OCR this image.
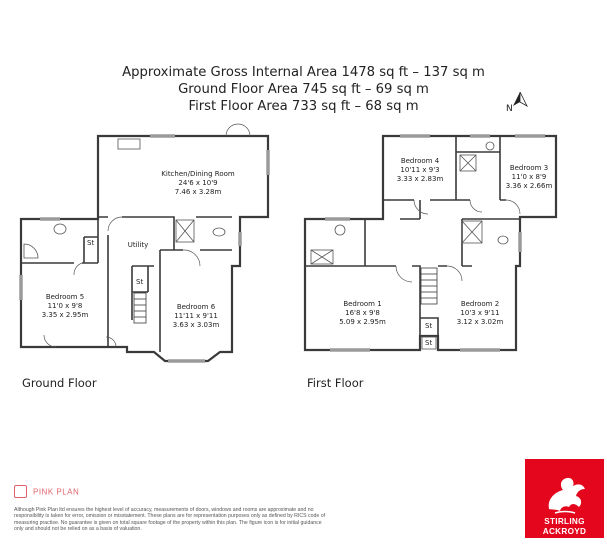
Approximate Gross Internal Area 1478 sq ft – 137 sq m
Ground Floor Area 745 sq ft – 69 sq m
First Floor Area 733 sq ft – 68 sq m
Kitchen/Dining Room
24'6 x 10'9
7.46 x 3.28m
Utility
Bedroom 5
11'0 x 9'8
3.35 x 2.95m
Bedroom 6
11'11 x 9'11
3.63 x 3.03m
St
St
Bedroom 1
16'8 x 9'8
5.09 x 2.95m
Bedroom 2
10'3 x 9'11
3.12 x 3.02m
Bedroom 3
11'0 x 8'9
3.36 x 2.66m
Bedroom 4
10'11 x 9'3
3.33 x 2.83m
St
St
Ground Floor	First Floor
N
PINK PLAN
Although Pink Plan ltd ensures the highest level of accuracy, measurements of doors, windows and rooms are approximate and no responsibility is taken for error, omission or misstatement. These plans are for representation purposes only as defined by RICS code of measuring practise. No guarantee is given on total square footage of the property within this plan. The figure icon is for initial guidance only and should not be relied on as a basis of valuation.
STIRLING
ACKROYD
